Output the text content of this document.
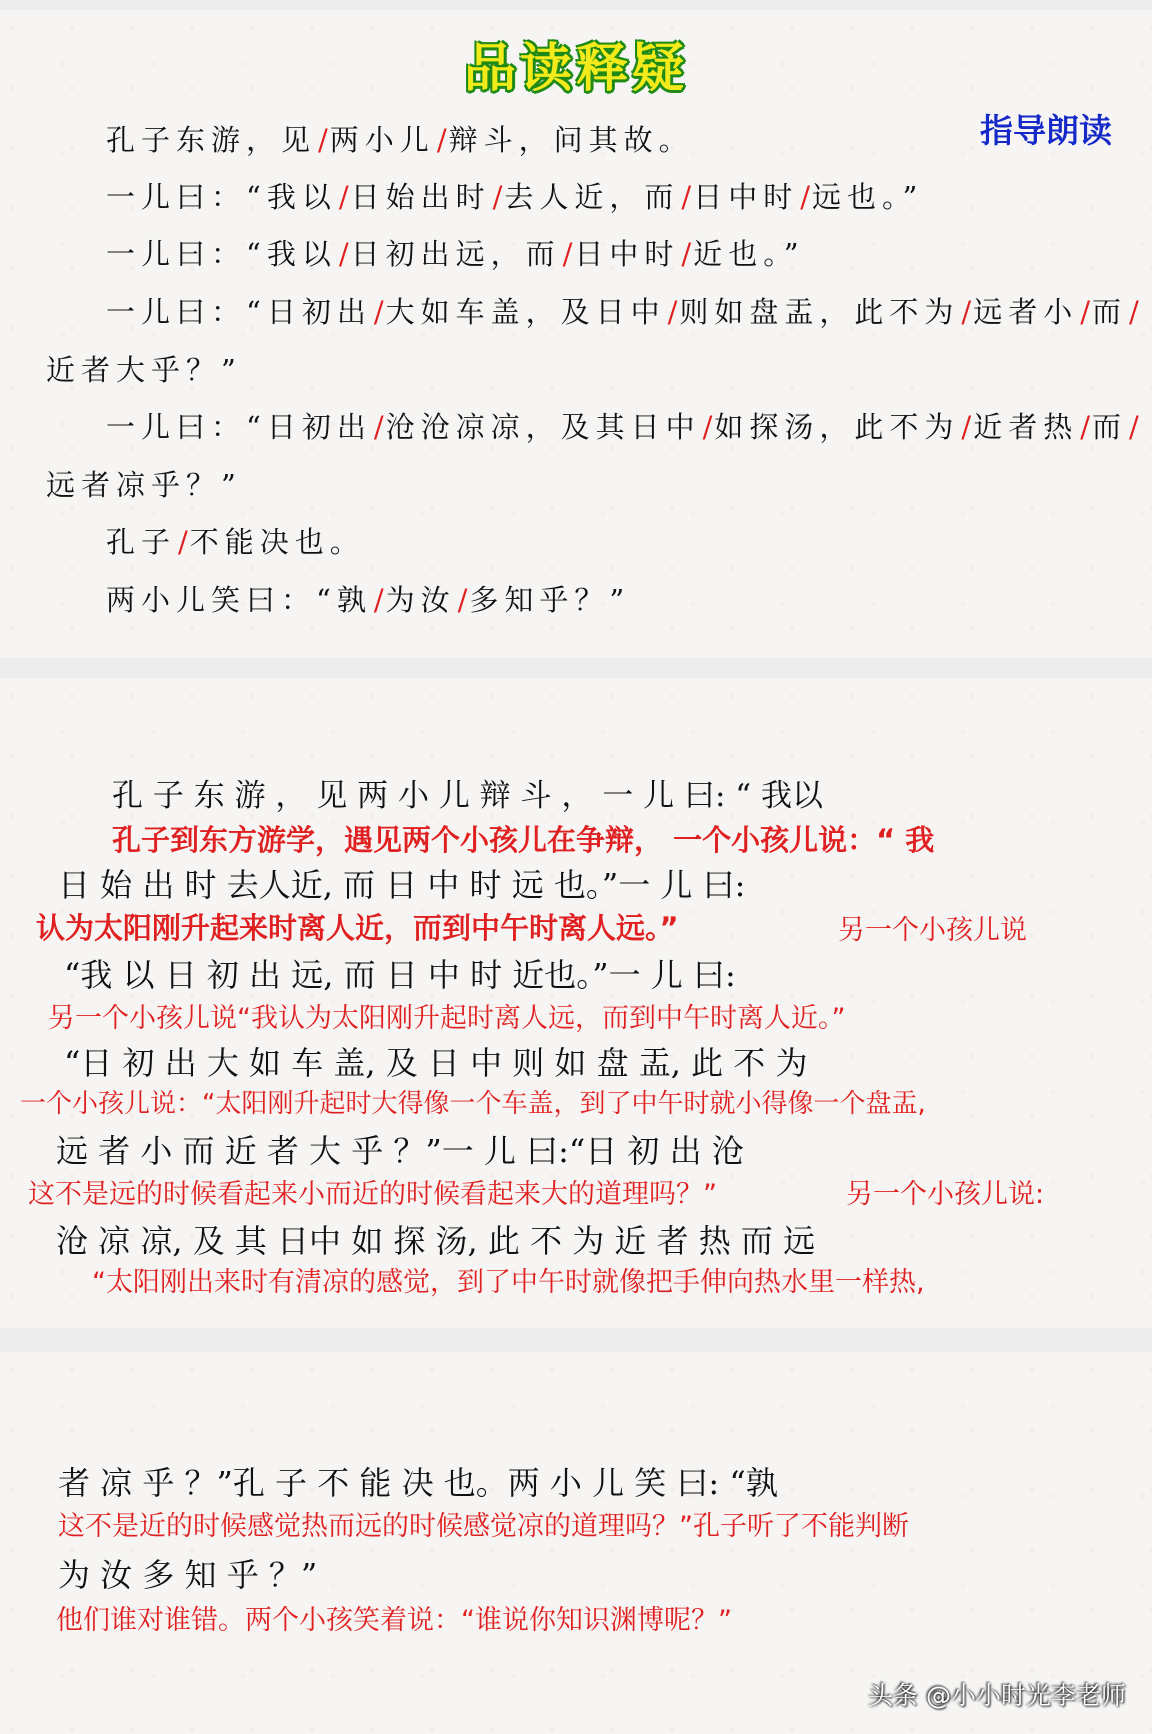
品读释疑
指导朗读
孔子东游，见/两小儿/辩斗，问其故。
一儿曰：“我以/日始出时/去人近，而/日中时/远也。”
一儿曰：“我以/日初出远，而/日中时/近也。”
一儿曰：“日初出/大如车盖，及日中/则如盘盂，此不为/远者小/而/
近者大乎？”
一儿曰：“日初出/沧沧凉凉，及其日中/如探汤，此不为/近者热/而/
远者凉乎？”
孔子/不能决也。
两小儿笑曰：“孰/为汝/多知乎？”
孔 子 东 游 ， 见 两 小 儿 辩 斗 ， 一 儿 曰: “ 我以
孔子到东方游学，遇见两个小孩儿在争辩， 一个小孩儿说：“ 我
日 始 出 时 去人近, 而 日 中 时 远 也。”一 儿 曰:
认为太阳刚升起来时离人近，而到中午时离人远。”	另一个小孩儿说
“我 以 日 初 出 远, 而 日 中 时 近也。”一 儿 曰:
另一个小孩儿说“我认为太阳刚升起时离人远，而到中午时离人近。”
“日 初 出 大 如 车 盖, 及 日 中 则 如 盘 盂, 此 不 为
一个小孩儿说：“太阳刚升起时大得像一个车盖，到了中午时就小得像一个盘盂,
远 者 小 而 近 者 大 乎 ？”一 儿 曰:“日 初 出 沧
这不是远的时候看起来小而近的时候看起来大的道理吗？”	另一个小孩儿说:
沧 凉 凉, 及 其 日中 如 探 汤, 此 不 为 近 者 热 而 远
“太阳刚出来时有清凉的感觉，到了中午时就像把手伸向热水里一样热,
者 凉 乎 ？”孔 子 不 能 决 也。两 小 儿 笑 曰: “孰
这不是近的时候感觉热而远的时候感觉凉的道理吗？”孔子听了不能判断
为 汝 多 知 乎 ？”
他们谁对谁错。两个小孩笑着说：“谁说你知识渊博呢？”
头条 @小小时光李老师
